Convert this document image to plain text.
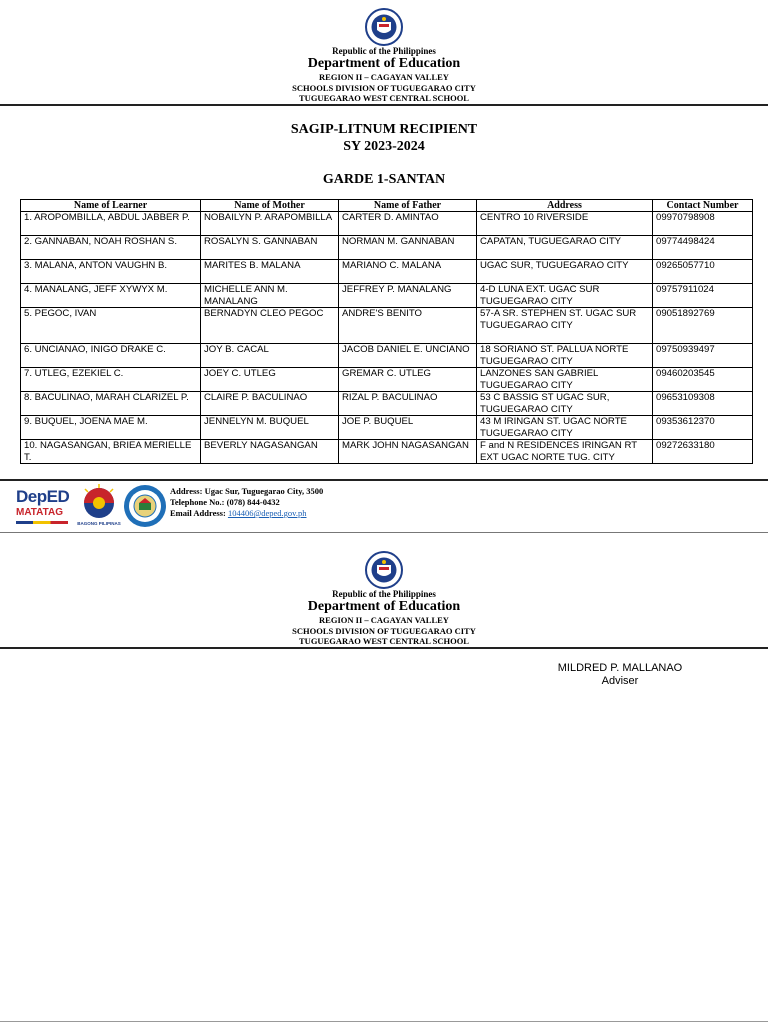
Republic of the Philippines
Department of Education
REGION II – CAGAYAN VALLEY
SCHOOLS DIVISION OF TUGUEGARAO CITY
TUGUEGARAO WEST CENTRAL SCHOOL
SAGIP-LITNUM RECIPIENT
SY 2023-2024
GARDE 1-SANTAN
Name of Learner	Name of Mother	Name of Father	Address	Contact Number
1. AROPOMBILLA, ABDUL JABBER P.	NOBAILYN P. ARAPOMBILLA	CARTER D. AMINTAO	CENTRO 10 RIVERSIDE	09970798908
2. GANNABAN, NOAH ROSHAN S.	ROSALYN S. GANNABAN	NORMAN M. GANNABAN	CAPATAN, TUGUEGARAO CITY	09774498424
3. MALANA, ANTON VAUGHN B.	MARITES B. MALANA	MARIANO C. MALANA	UGAC SUR, TUGUEGARAO CITY	09265057710
4. MANALANG, JEFF XYWYX M.	MICHELLE ANN M. MANALANG	JEFFREY P. MANALANG	4-D LUNA EXT. UGAC SUR TUGUEGARAO CITY	09757911024
5. PEGOC, IVAN	BERNADYN CLEO PEGOC	ANDRE'S BENITO	57-A SR. STEPHEN ST. UGAC SUR TUGUEGARAO CITY	09051892769
6. UNCIANAO, INIGO DRAKE C.	JOY B. CACAL	JACOB DANIEL E. UNCIANO	18 SORIANO ST. PALLUA NORTE TUGUEGARAO CITY	09750939497
7. UTLEG, EZEKIEL C.	JOEY C. UTLEG	GREMAR C. UTLEG	LANZONES SAN GABRIEL TUGUEGARAO CITY	09460203545
8. BACULINAO, MARAH CLARIZEL P.	CLAIRE P. BACULINAO	RIZAL P. BACULINAO	53 C BASSIG ST UGAC SUR, TUGUEGARAO CITY	09653109308
9. BUQUEL, JOENA MAE M.	JENNELYN M. BUQUEL	JOE P. BUQUEL	43 M IRINGAN ST. UGAC NORTE TUGUEGARAO CITY	09353612370
10. NAGASANGAN, BRIEA MERIELLE T.	BEVERLY NAGASANGAN	MARK JOHN NAGASANGAN	F and N RESIDENCES IRINGAN RT EXT UGAC NORTE TUG. CITY	09272633180
DepED
MATATAG
BAGONG PILIPINAS
Address: Ugac Sur, Tuguegarao City, 3500
Telephone No.: (078) 844-0432
Email Address: 104406@deped.gov.ph
Republic of the Philippines
Department of Education
REGION II – CAGAYAN VALLEY
SCHOOLS DIVISION OF TUGUEGARAO CITY
TUGUEGARAO WEST CENTRAL SCHOOL
MILDRED P. MALLANAO
Adviser
